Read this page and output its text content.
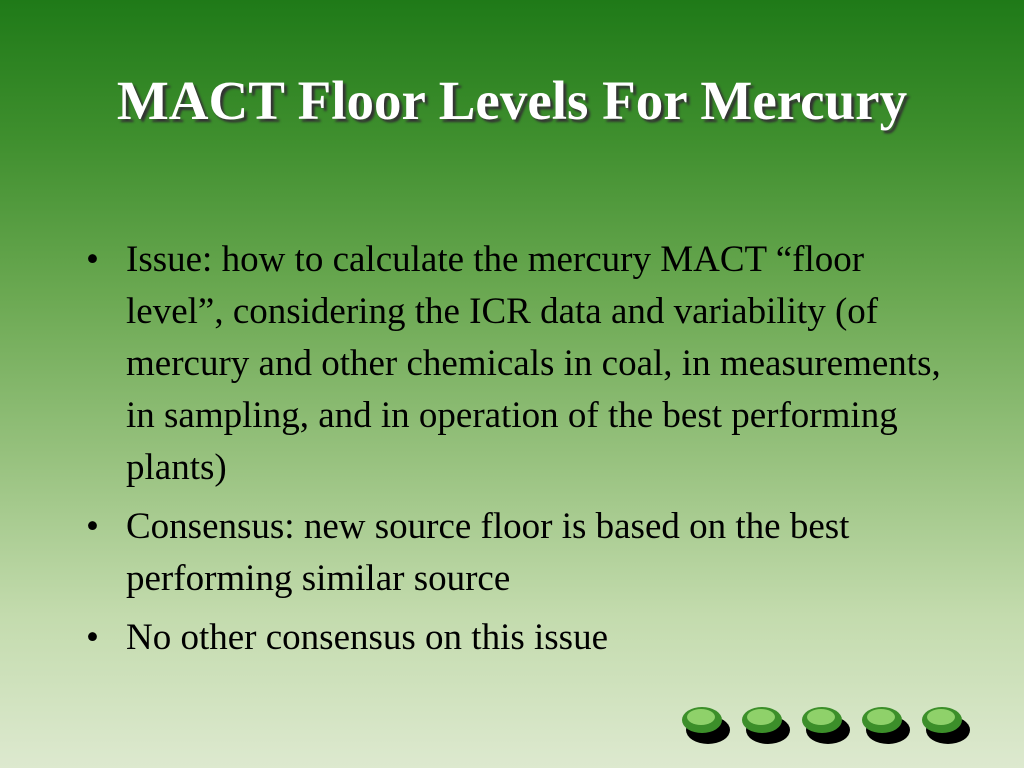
MACT Floor Levels For Mercury
• Issue: how to calculate the mercury MACT “floor level”, considering the ICR data and variability (of mercury and other chemicals in coal, in measurements, in sampling, and in operation of the best performing plants)
• Consensus: new source floor is based on the best performing similar source
• No other consensus on this issue
